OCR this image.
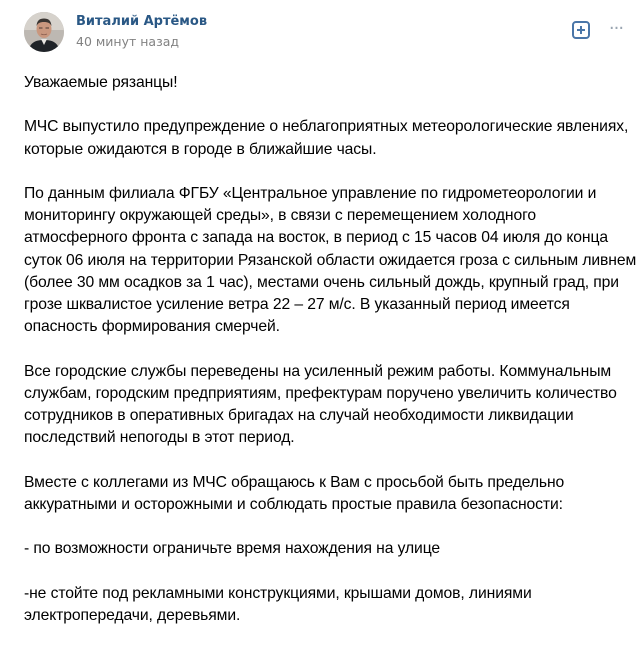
Виталий Артёмов
40 минут назад
···

Уважаемые рязанцы!

МЧС выпустило предупреждение о неблагоприятных метеорологические явлениях,
которые ожидаются в городе в ближайшие часы.

По данным филиала ФГБУ «Центральное управление по гидрометеорологии и
мониторингу окружающей среды», в связи с перемещением холодного
атмосферного фронта с запада на восток, в период с 15 часов 04 июля до конца
суток 06 июля на территории Рязанской области ожидается гроза с сильным ливнем
(более 30 мм осадков за 1 час), местами очень сильный дождь, крупный град, при
грозе шквалистое усиление ветра 22 – 27 м/с. В указанный период имеется
опасность формирования смерчей.

Все городские службы переведены на усиленный режим работы. Коммунальным
службам, городским предприятиям, префектурам поручено увеличить количество
сотрудников в оперативных бригадах на случай необходимости ликвидации
последствий непогоды в этот период.

Вместе с коллегами из МЧС обращаюсь к Вам с просьбой быть предельно
аккуратными и осторожными и соблюдать простые правила безопасности:

- по возможности ограничьте время нахождения на улице

-не стойте под рекламными конструкциями, крышами домов, линиями
электропередачи, деревьями.
